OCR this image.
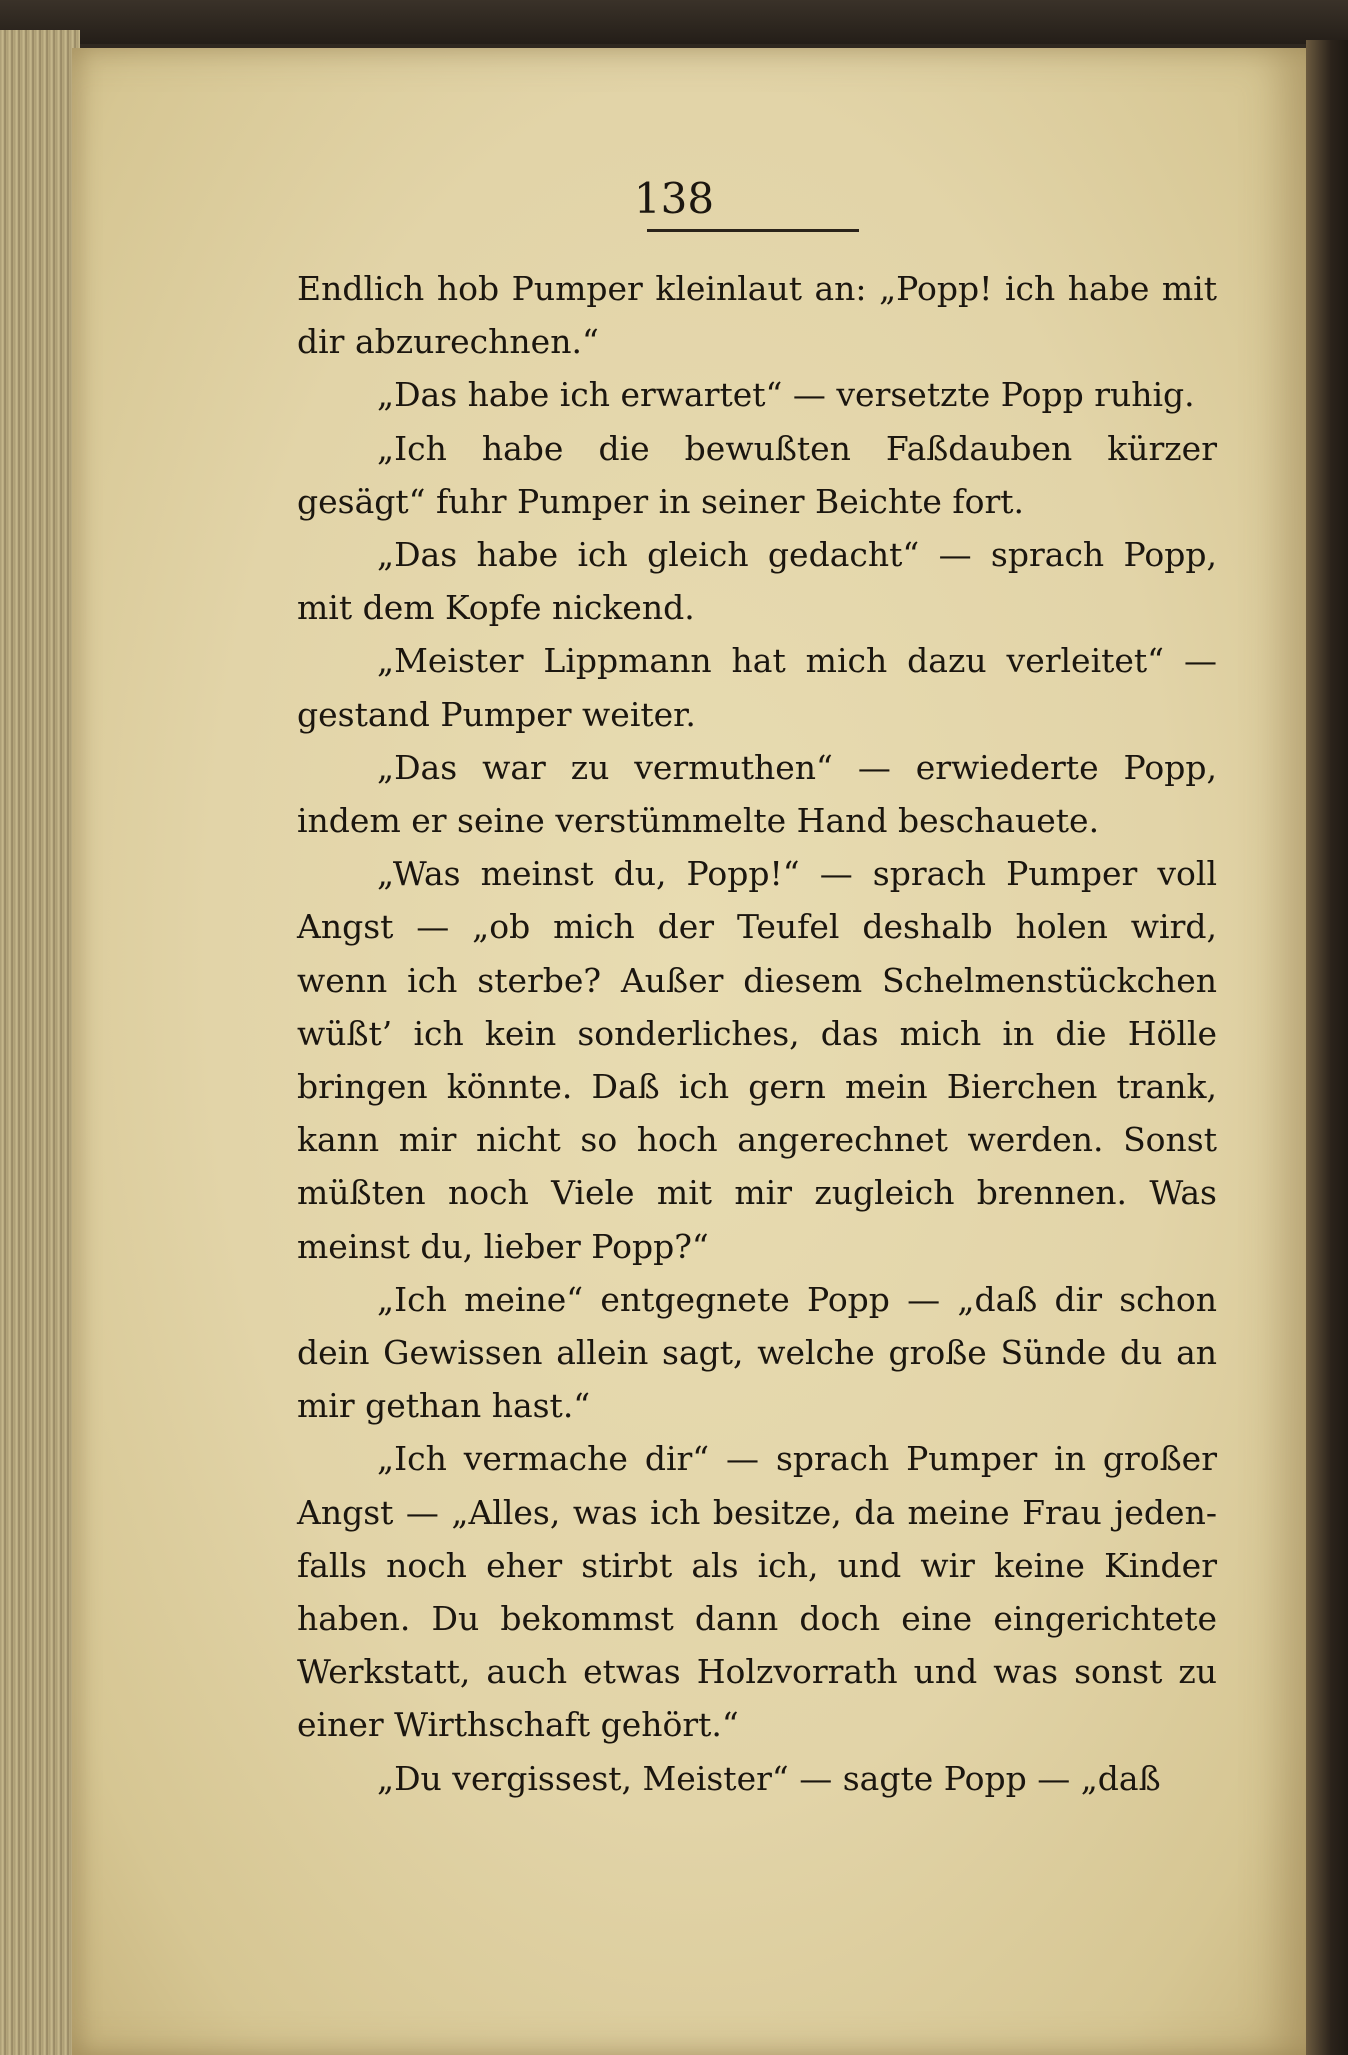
138

Endlich hob Pumper kleinlaut an: „Popp! ich habe mit dir abzurechnen.“

„Das habe ich erwartet“ — versetzte Popp ruhig.

„Ich habe die bewußten Faßdauben kürzer gesägt“ fuhr Pumper in seiner Beichte fort.

„Das habe ich gleich gedacht“ — sprach Popp, mit dem Kopfe nickend.

„Meister Lippmann hat mich dazu verleitet“ — gestand Pumper weiter.

„Das war zu vermuthen“ — erwiederte Popp, indem er seine verstümmelte Hand beschauete.

„Was meinst du, Popp!“ — sprach Pumper voll Angst — „ob mich der Teufel deshalb holen wird, wenn ich sterbe? Außer diesem Schelmenstückchen wüßt’ ich kein sonderliches, das mich in die Hölle bringen könnte. Daß ich gern mein Bierchen trank, kann mir nicht so hoch angerechnet werden. Sonst müßten noch Viele mit mir zugleich brennen. Was meinst du, lieber Popp?“

„Ich meine“ entgegnete Popp — „daß dir schon dein Gewissen allein sagt, welche große Sünde du an mir gethan hast.“

„Ich vermache dir“ — sprach Pumper in großer Angst — „Alles, was ich besitze, da meine Frau jedenfalls noch eher stirbt als ich, und wir keine Kinder haben. Du bekommst dann doch eine eingerichtete Werkstatt, auch etwas Holzvorrath und was sonst zu einer Wirthschaft gehört.“

„Du vergissest, Meister“ — sagte Popp — „daß
